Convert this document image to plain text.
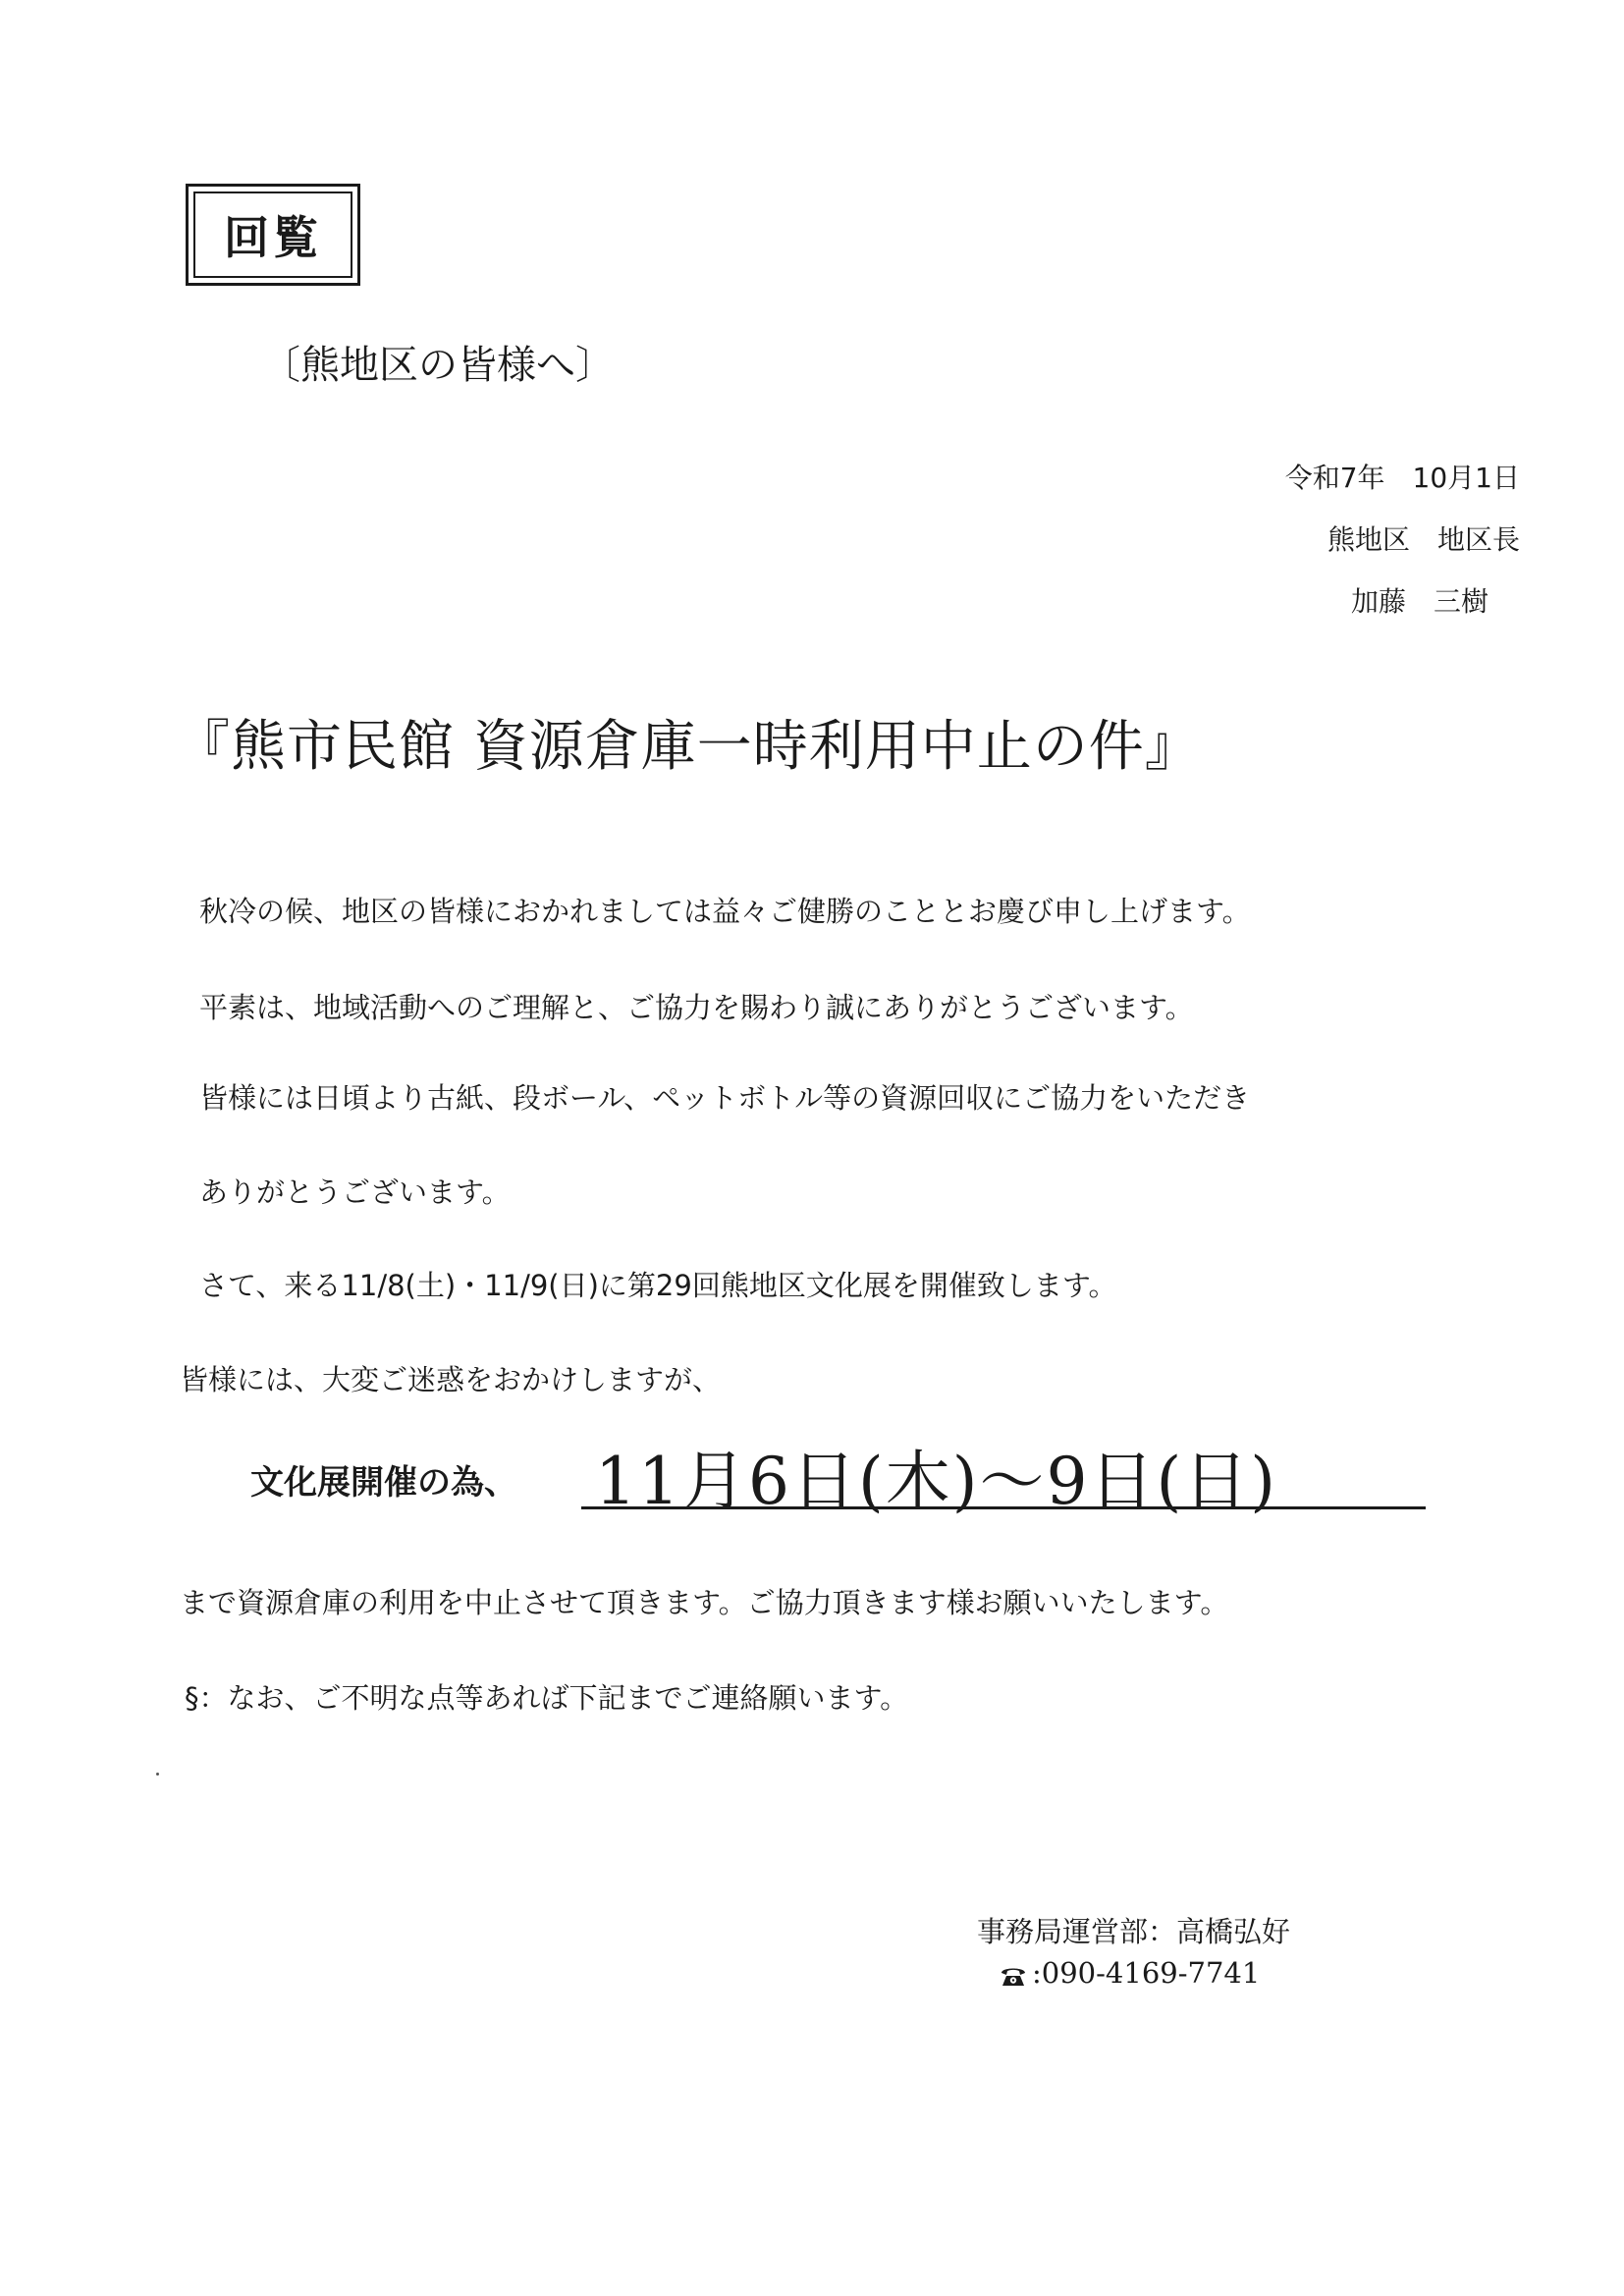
回覧
〔熊地区の皆様へ〕
令和7年　10月1日
熊地区　地区長
加藤　三樹
『熊市民館 資源倉庫一時利用中止の件』
秋冷の候、地区の皆様におかれましては益々ご健勝のこととお慶び申し上げます。
平素は、地域活動へのご理解と、ご協力を賜わり誠にありがとうございます。
皆様には日頃より古紙、段ボール、ペットボトル等の資源回収にご協力をいただき
ありがとうございます。
さて、来る11/8(土)・11/9(日)に第29回熊地区文化展を開催致します。
皆様には、大変ご迷惑をおかけしますが、
文化展開催の為、 11月6日(木)～9日(日)
まで資源倉庫の利用を中止させて頂きます。ご協力頂きます様お願いいたします。
§：なお、ご不明な点等あれば下記までご連絡願います。
事務局運営部：高橋弘好
:090-4169-7741
